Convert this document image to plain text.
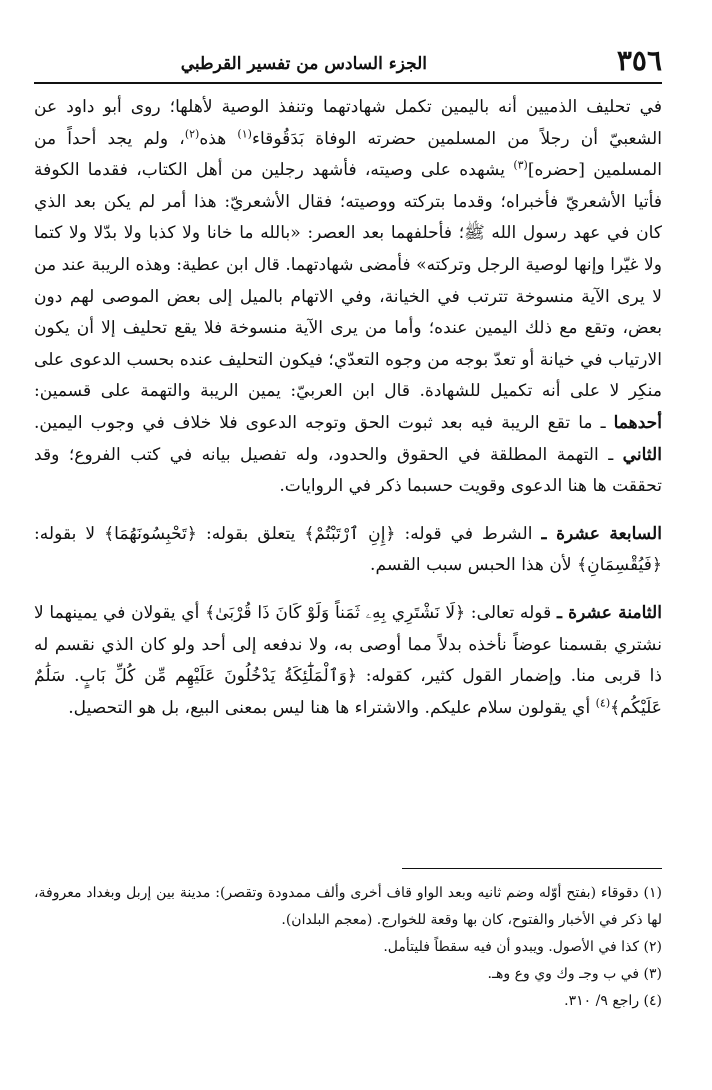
٣٥٦
الجزء السادس من تفسير القرطبي

في تحليف الذميين أنه باليمين تكمل شهادتهما وتنفذ الوصية لأهلها؛ روى أبو داود عن الشعبيّ أن رجلاً من المسلمين حضرته الوفاة بَدَقُوقاء$^{(١)}$ هذه$^{(٢)}$، ولم يجد أحداً من المسلمين [حضره]$^{(٣)}$ يشهده على وصيته، فأشهد رجلين من أهل الكتاب، فقدما الكوفة فأتيا الأشعريّ فأخبراه؛ وقدما بتركته ووصيته؛ فقال الأشعريّ: هذا أمر لم يكن بعد الذي كان في عهد رسول الله ﷺ؛ فأحلفهما بعد العصر: «بالله ما خانا ولا كذبا ولا بدّلا ولا كتما ولا غيّرا وإنها لوصية الرجل وتركته» فأمضى شهادتهما. قال ابن عطية: وهذه الريبة عند من لا يرى الآية منسوخة تترتب في الخيانة، وفي الاتهام بالميل إلى بعض الموصى لهم دون بعض، وتقع مع ذلك اليمين عنده؛ وأما من يرى الآية منسوخة فلا يقع تحليف إلا أن يكون الارتياب في خيانة أو تعدّ بوجه من وجوه التعدّي؛ فيكون التحليف عنده بحسب الدعوى على منكِر لا على أنه تكميل للشهادة. قال ابن العربيّ: يمين الريبة والتهمة على قسمين: أحدهما ـ ما تقع الريبة فيه بعد ثبوت الحق وتوجه الدعوى فلا خلاف في وجوب اليمين. الثاني ـ التهمة المطلقة في الحقوق والحدود، وله تفصيل بيانه في كتب الفروع؛ وقد تحققت ها هنا الدعوى وقويت حسبما ذكر في الروايات.

السابعة عشرة ـ الشرط في قوله: ﴿إِنِ ٱرْتَبْتُمْ﴾ يتعلق بقوله: ﴿تَحْبِسُونَهُمَا﴾ لا بقوله: ﴿فَيُقْسِمَانِ﴾ لأن هذا الحبس سبب القسم.

الثامنة عشرة ـ قوله تعالى: ﴿لَا نَشْتَرِي بِهِۦ ثَمَناً وَلَوْ كَانَ ذَا قُرْبَىٰ﴾ أي يقولان في يمينهما لا نشتري بقسمنا عوضاً نأخذه بدلاً مما أوصى به، ولا ندفعه إلى أحد ولو كان الذي نقسم له ذا قربى منا. وإضمار القول كثير، كقوله: ﴿وَٱلْمَلَٰٓئِكَةُ يَدْخُلُونَ عَلَيْهِم مِّن كُلِّ بَابٍ. سَلَٰمٌ عَلَيْكُم﴾$^{(٤)}$ أي يقولون سلام عليكم. والاشتراء ها هنا ليس بمعنى البيع، بل هو التحصيل.

(١) دقوقاء (بفتح أوّله وضم ثانيه وبعد الواو قاف أخرى وألف ممدودة وتقصر): مدينة بين إربل وبغداد معروفة، لها ذكر في الأخبار والفتوح، كان بها وقعة للخوارج. (معجم البلدان).

(٢) كذا في الأصول. ويبدو أن فيه سقطاً فليتأمل.

(٣) في ب وجـ وك وي وع وهـ.

(٤) راجع ٩/ ٣١٠.
